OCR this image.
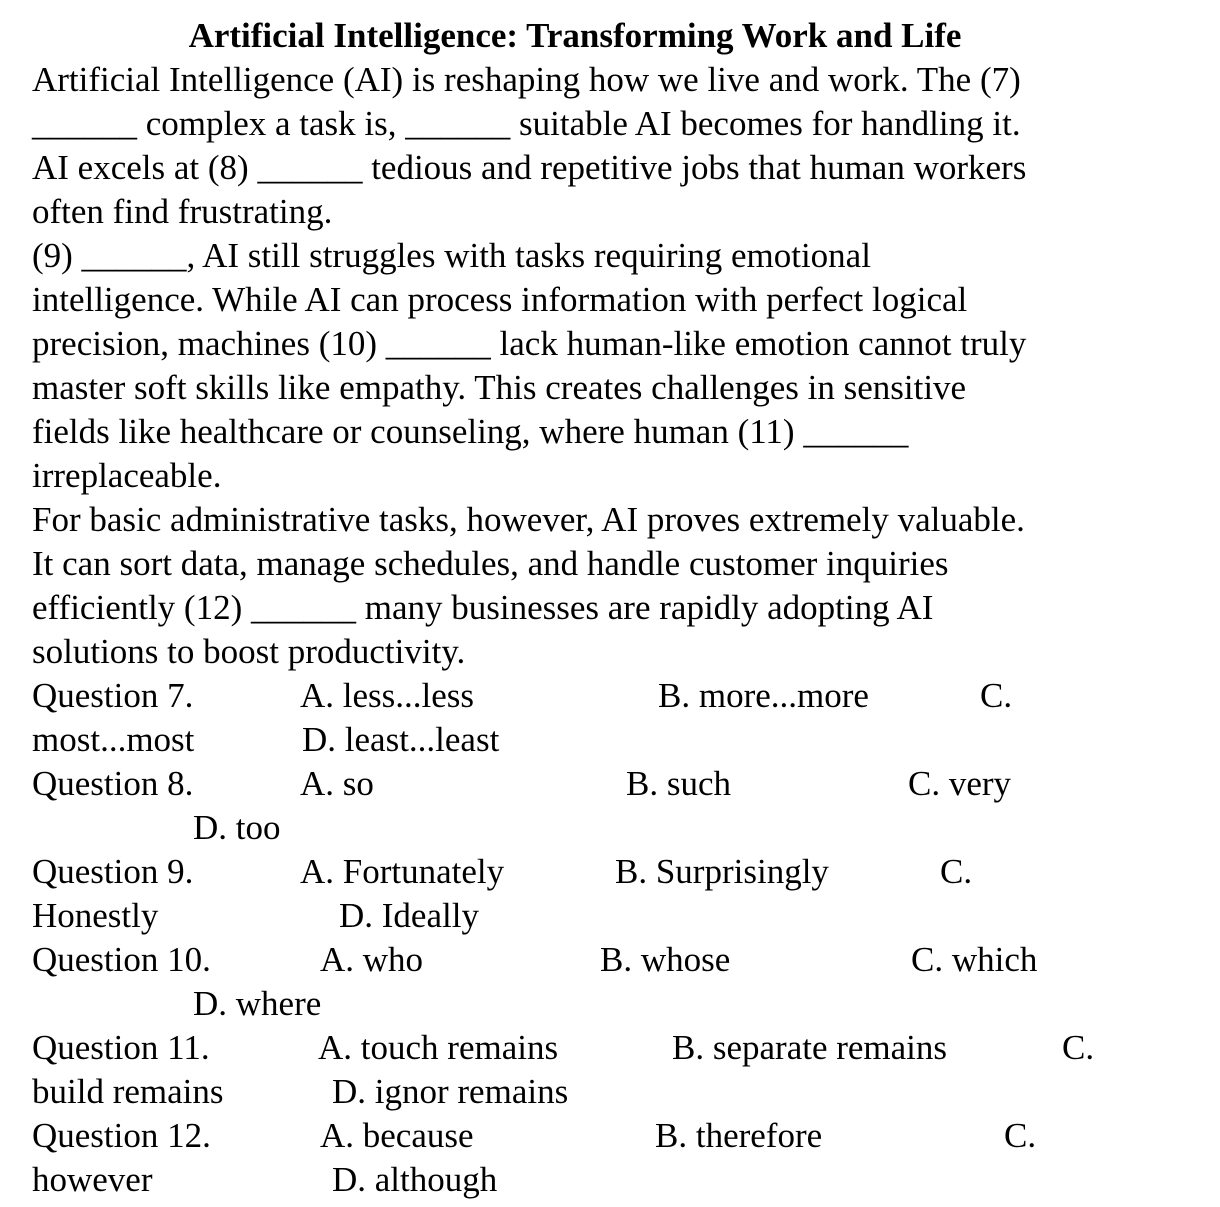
Artificial Intelligence: Transforming Work and Life
Artificial Intelligence (AI) is reshaping how we live and work. The (7)
______ complex a task is, ______ suitable AI becomes for handling it.
AI excels at (8) ______ tedious and repetitive jobs that human workers
often find frustrating.
(9) ______, AI still struggles with tasks requiring emotional
intelligence. While AI can process information with perfect logical
precision, machines (10) ______ lack human-like emotion cannot truly
master soft skills like empathy. This creates challenges in sensitive
fields like healthcare or counseling, where human (11) ______
irreplaceable.
For basic administrative tasks, however, AI proves extremely valuable.
It can sort data, manage schedules, and handle customer inquiries
efficiently (12) ______ many businesses are rapidly adopting AI
solutions to boost productivity.
Question 7.	A. less...less	B. more...more	C.
most...most	D. least...least
Question 8.	A. so	B. such	C. very
D. too
Question 9.	A. Fortunately	B. Surprisingly	C.
Honestly	D. Ideally
Question 10.	A. who	B. whose	C. which
D. where
Question 11.	A. touch remains	B. separate remains	C.
build remains	D. ignor remains
Question 12.	A. because	B. therefore	C.
however	D. although
